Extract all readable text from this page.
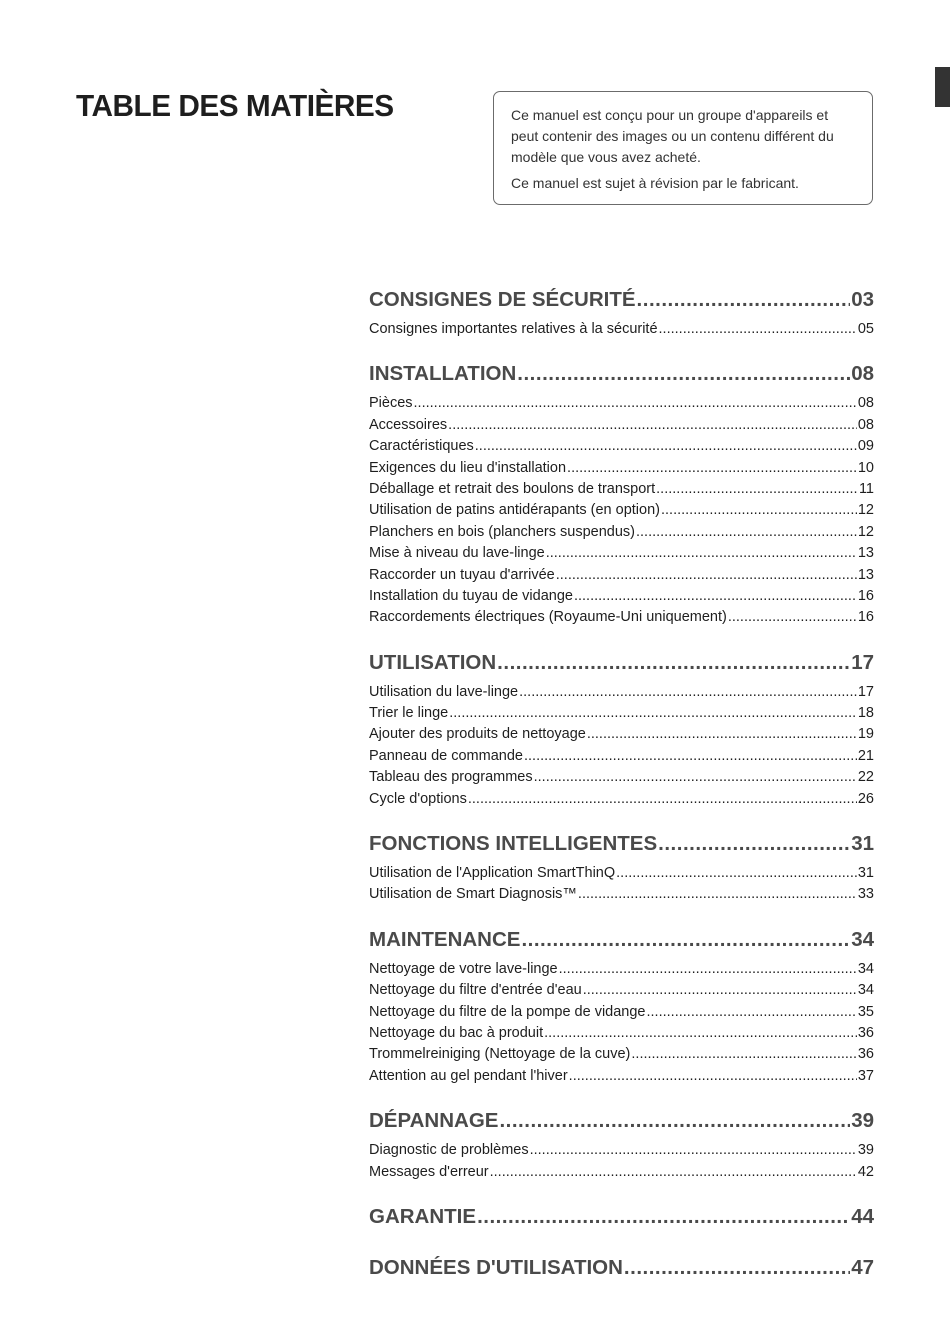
TABLE DES MATIÈRES	Ce manuel est conçu pour un groupe d'appareils et peut contenir des images ou un contenu différent du modèle que vous avez acheté.

Ce manuel est sujet à révision par le fabricant.

CONSIGNES DE SÉCURITÉ .....	03
Consignes importantes relatives à la sécurité .....	05
INSTALLATION .....	08
Pièces .....	08
Accessoires .....	08
Caractéristiques .....	09
Exigences du lieu d'installation .....	10
Déballage et retrait des boulons de transport .....	11
Utilisation de patins antidérapants (en option) .....	12
Planchers en bois (planchers suspendus) .....	12
Mise à niveau du lave-linge .....	13
Raccorder un tuyau d'arrivée .....	13
Installation du tuyau de vidange .....	16
Raccordements électriques (Royaume-Uni uniquement) .....	16
UTILISATION .....	17
Utilisation du lave-linge .....	17
Trier le linge .....	18
Ajouter des produits de nettoyage .....	19
Panneau de commande .....	21
Tableau des programmes .....	22
Cycle d'options .....	26
FONCTIONS INTELLIGENTES .....	31
Utilisation de l'Application SmartThinQ .....	31
Utilisation de Smart Diagnosis™ .....	33
MAINTENANCE .....	34
Nettoyage de votre lave-linge .....	34
Nettoyage du filtre d'entrée d'eau .....	34
Nettoyage du filtre de la pompe de vidange .....	35
Nettoyage du bac à produit .....	36
Trommelreiniging (Nettoyage de la cuve) .....	36
Attention au gel pendant l'hiver .....	37
DÉPANNAGE .....	39
Diagnostic de problèmes .....	39
Messages d'erreur .....	42
GARANTIE .....	44
DONNÉES D'UTILISATION .....	47
